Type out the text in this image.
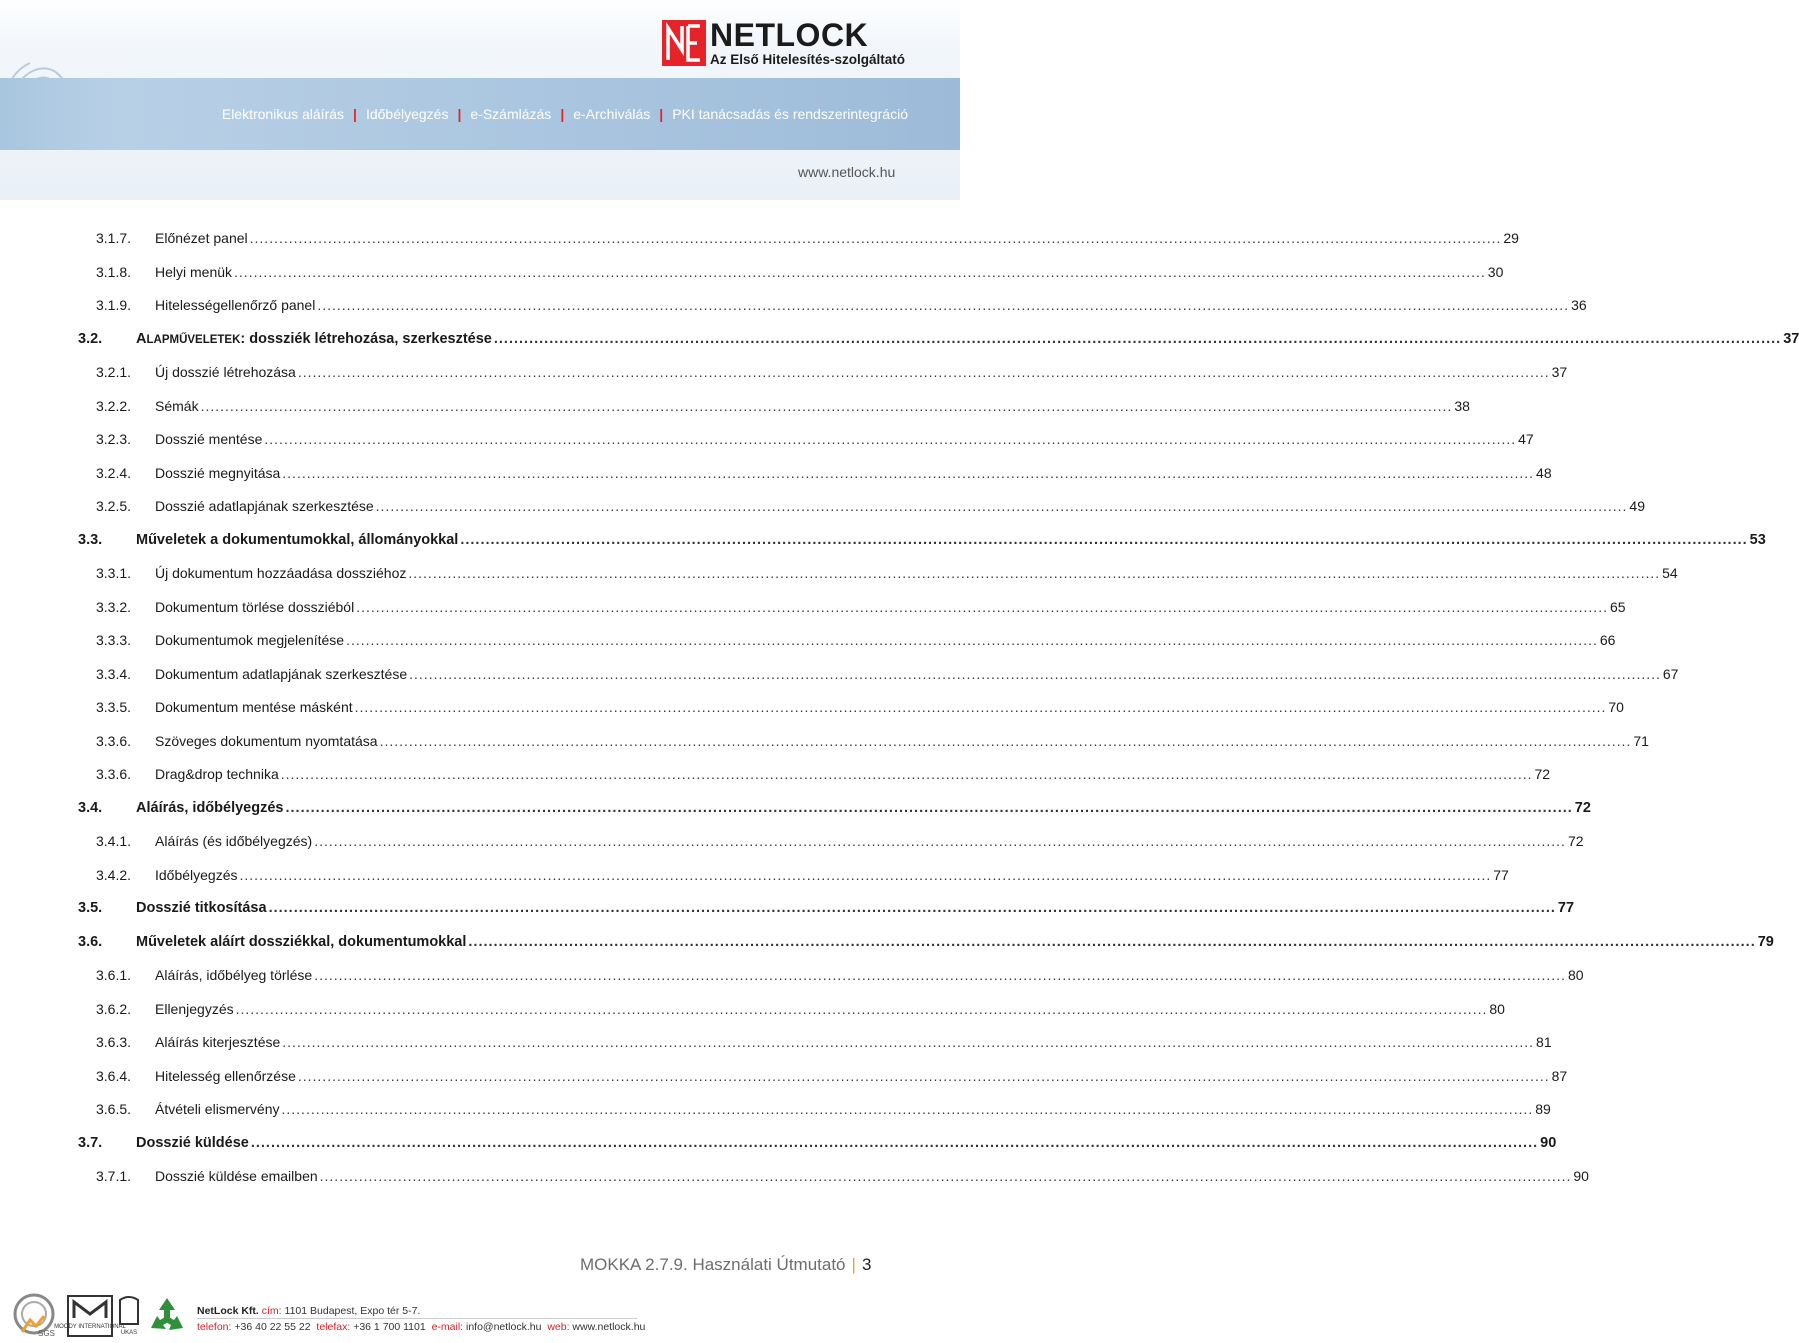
NETLOCK
Az Első Hitelesítés-szolgáltató
Elektronikus aláírás | Időbélyegzés | e-Számlázás | e-Archiválás | PKI tanácsadás és rendszerintegráció
www.netlock.hu
3.1.7. Előnézet panel .....	29
3.1.8. Helyi menük .....	30
3.1.9. Hitelességellenőrző panel .....	36
3.2. ALAPMŰVELETEK: dossziék létrehozása, szerkesztése .....	37
3.2.1. Új dosszié létrehozása .....	37
3.2.2. Sémák .....	38
3.2.3. Dosszié mentése .....	47
3.2.4. Dosszié megnyitása .....	48
3.2.5. Dosszié adatlapjának szerkesztése .....	49
3.3. Műveletek a dokumentumokkal, állományokkal .....	53
3.3.1. Új dokumentum hozzáadása dossziéhoz .....	54
3.3.2. Dokumentum törlése dossziéból .....	65
3.3.3. Dokumentumok megjelenítése .....	66
3.3.4. Dokumentum adatlapjának szerkesztése .....	67
3.3.5. Dokumentum mentése másként .....	70
3.3.6. Szöveges dokumentum nyomtatása .....	71
3.3.6. Drag&drop technika .....	72
3.4. Aláírás, időbélyegzés .....	72
3.4.1. Aláírás (és időbélyegzés) .....	72
3.4.2. Időbélyegzés .....	77
3.5. Dosszié titkosítása .....	77
3.6. Műveletek aláírt dossziékkal, dokumentumokkal .....	79
3.6.1. Aláírás, időbélyeg törlése .....	80
3.6.2. Ellenjegyzés .....	80
3.6.3. Aláírás kiterjesztése .....	81
3.6.4. Hitelesség ellenőrzése .....	87
3.6.5. Átvételi elismervény .....	89
3.7. Dosszié küldése .....	90
3.7.1. Dosszié küldése emailben .....	90
MOKKA 2.7.9. Használati Útmutató | 3
SGS
MOODY INTERNATIONAL
UKAS
NetLock Kft. cím: 1101 Budapest, Expo tér 5-7.
telefon: +36 40 22 55 22 telefax: +36 1 700 1101 e-mail: info@netlock.hu web: www.netlock.hu
